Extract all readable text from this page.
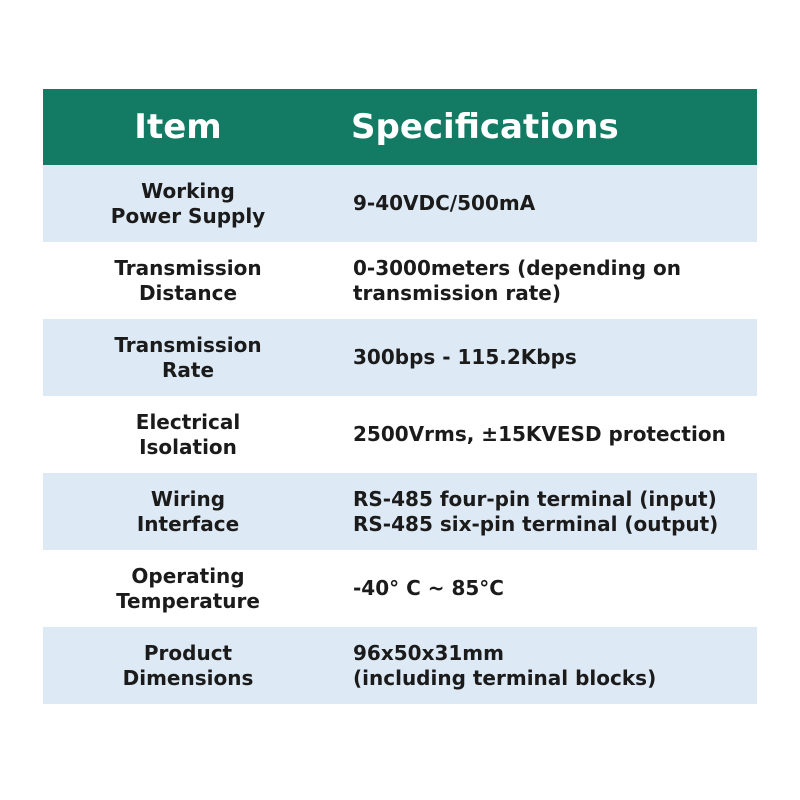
Item	Specifications
Working
Power Supply
9-40VDC/500mA
Transmission
Distance
0-3000meters (depending on
transmission rate)
Transmission
Rate
300bps - 115.2Kbps
Electrical
Isolation
2500Vrms, ±15KVESD protection
Wiring
Interface
RS-485 four-pin terminal (input)
RS-485 six-pin terminal (output)
Operating
Temperature
-40° C ~ 85°C
Product
Dimensions
96x50x31mm
(including terminal blocks)
